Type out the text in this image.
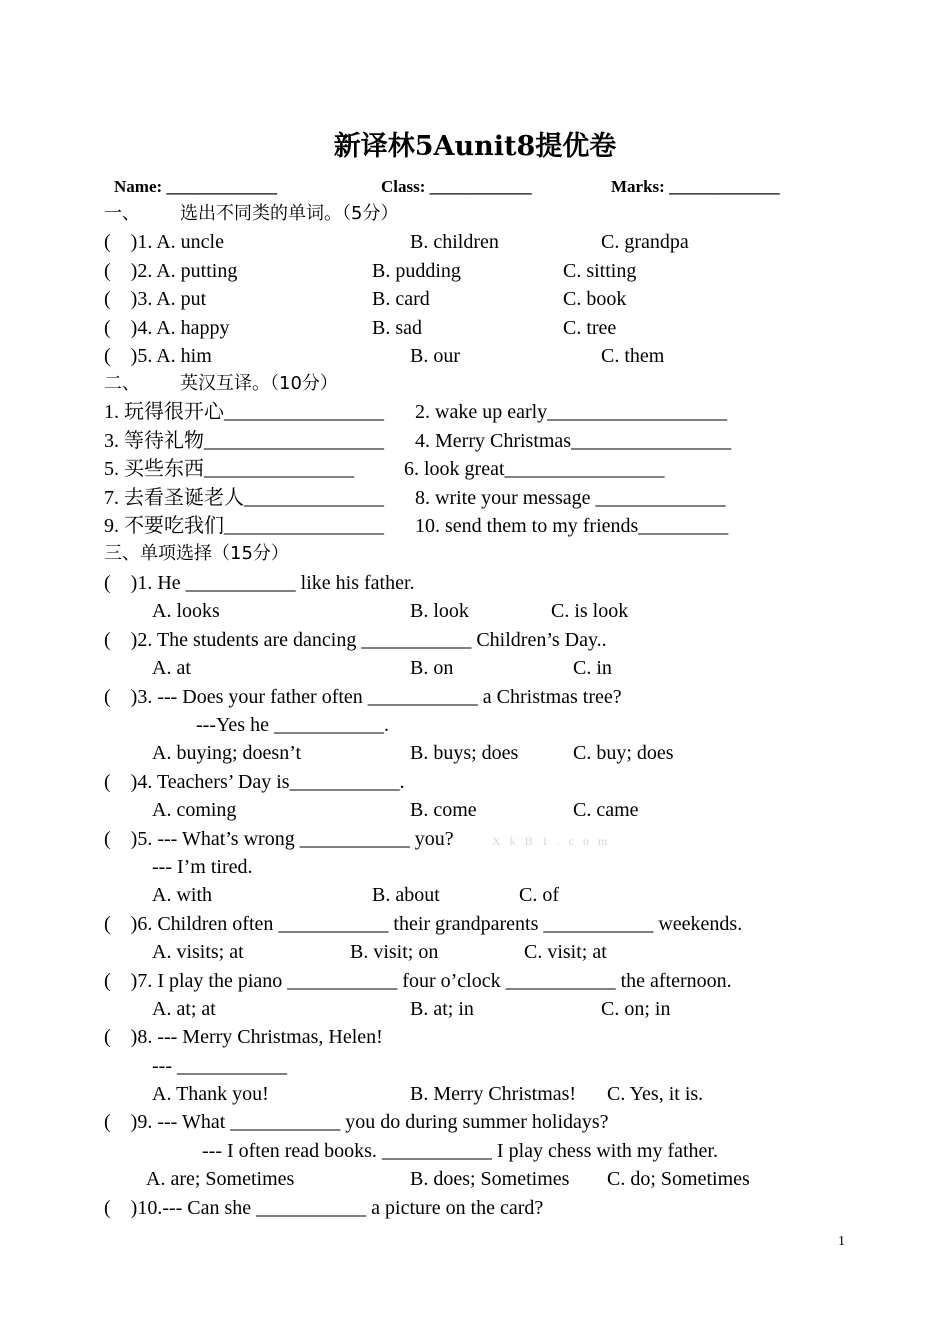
新译林5Aunit8提优卷
Name: _____________	Class: ____________	Marks: _____________
一、 选出不同类的单词。（5分）
(    )1. A. uncle	B. children	C. grandpa
(    )2. A. putting	B. pudding	C. sitting
(    )3. A. put	B. card	C. book
(    )4. A. happy	B. sad	C. tree
(    )5. A. him	B. our	C. them
二、 英汉互译。（10分）
1. 玩得很开心________________ 2. wake up early__________________
3. 等待礼物__________________ 4. Merry Christmas________________
5. 买些东西_______________	6. look great________________
7. 去看圣诞老人______________ 8. write your message _____________
9. 不要吃我们________________ 10. send them to my friends_________
三、单项选择（15分）
(    )1. He ___________ like his father.
A. looks	B. look	C. is look
(    )2. The students are dancing ___________ Children’s Day..
A. at	B. on	C. in
(    )3. --- Does your father often ___________ a Christmas tree?
---Yes he ___________.
A. buying; doesn’t	B. buys; does	C. buy; does
(    )4. Teachers’ Day is___________.
A. coming	B. come	C. came
(    )5. --- What’s wrong ___________ you?	X k B 1 . c o m
--- I’m tired.
A. with	B. about	C. of
(    )6. Children often ___________ their grandparents ___________ weekends.
A. visits; at	B. visit; on	C. visit; at
(    )7. I play the piano ___________ four o’clock ___________ the afternoon.
A. at; at	B. at; in	C. on; in
(    )8. --- Merry Christmas, Helen!
--- ___________
A. Thank you!	B. Merry Christmas! C. Yes, it is.
(    )9. --- What ___________ you do during summer holidays?
--- I often read books. ___________ I play chess with my father.
A. are; Sometimes	B. does; Sometimes C. do; Sometimes
(    )10.--- Can she ___________ a picture on the card?
1
